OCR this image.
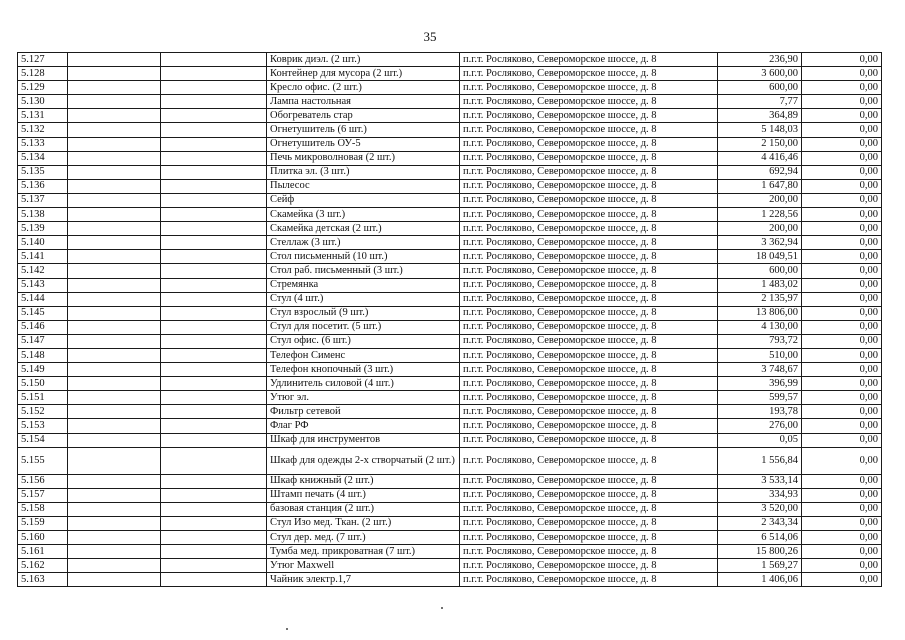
35
5.127			Коврик диэл. (2 шт.)	п.г.т. Росляково, Североморское шоссе, д. 8	236,90	0,00
5.128			Контейнер для мусора (2 шт.)	п.г.т. Росляково, Североморское шоссе, д. 8	3 600,00	0,00
5.129			Кресло офис. (2 шт.)	п.г.т. Росляково, Североморское шоссе, д. 8	600,00	0,00
5.130			Лампа настольная	п.г.т. Росляково, Североморское шоссе, д. 8	7,77	0,00
5.131			Обогреватель стар	п.г.т. Росляково, Североморское шоссе, д. 8	364,89	0,00
5.132			Огнетушитель (6 шт.)	п.г.т. Росляково, Североморское шоссе, д. 8	5 148,03	0,00
5.133			Огнетушитель ОУ-5	п.г.т. Росляково, Североморское шоссе, д. 8	2 150,00	0,00
5.134			Печь микроволновая (2 шт.)	п.г.т. Росляково, Североморское шоссе, д. 8	4 416,46	0,00
5.135			Плитка эл. (3 шт.)	п.г.т. Росляково, Североморское шоссе, д. 8	692,94	0,00
5.136			Пылесос	п.г.т. Росляково, Североморское шоссе, д. 8	1 647,80	0,00
5.137			Сейф	п.г.т. Росляково, Североморское шоссе, д. 8	200,00	0,00
5.138			Скамейка (3 шт.)	п.г.т. Росляково, Североморское шоссе, д. 8	1 228,56	0,00
5.139			Скамейка детская (2 шт.)	п.г.т. Росляково, Североморское шоссе, д. 8	200,00	0,00
5.140			Стеллаж (3 шт.)	п.г.т. Росляково, Североморское шоссе, д. 8	3 362,94	0,00
5.141			Стол письменный (10 шт.)	п.г.т. Росляково, Североморское шоссе, д. 8	18 049,51	0,00
5.142			Стол раб. письменный (3 шт.)	п.г.т. Росляково, Североморское шоссе, д. 8	600,00	0,00
5.143			Стремянка	п.г.т. Росляково, Североморское шоссе, д. 8	1 483,02	0,00
5.144			Стул (4 шт.)	п.г.т. Росляково, Североморское шоссе, д. 8	2 135,97	0,00
5.145			Стул взрослый (9 шт.)	п.г.т. Росляково, Североморское шоссе, д. 8	13 806,00	0,00
5.146			Стул для посетит. (5 шт.)	п.г.т. Росляково, Североморское шоссе, д. 8	4 130,00	0,00
5.147			Стул офис. (6 шт.)	п.г.т. Росляково, Североморское шоссе, д. 8	793,72	0,00
5.148			Телефон Сименс	п.г.т. Росляково, Североморское шоссе, д. 8	510,00	0,00
5.149			Телефон кнопочный (3 шт.)	п.г.т. Росляково, Североморское шоссе, д. 8	3 748,67	0,00
5.150			Удлинитель силовой (4 шт.)	п.г.т. Росляково, Североморское шоссе, д. 8	396,99	0,00
5.151			Утюг эл.	п.г.т. Росляково, Североморское шоссе, д. 8	599,57	0,00
5.152			Фильтр сетевой	п.г.т. Росляково, Североморское шоссе, д. 8	193,78	0,00
5.153			Флаг РФ	п.г.т. Росляково, Североморское шоссе, д. 8	276,00	0,00
5.154			Шкаф для инструментов	п.г.т. Росляково, Североморское шоссе, д. 8	0,05	0,00
5.155			Шкаф для одежды 2-х створчатый (2 шт.)	п.г.т. Росляково, Североморское шоссе, д. 8	1 556,84	0,00
5.156			Шкаф книжный (2 шт.)	п.г.т. Росляково, Североморское шоссе, д. 8	3 533,14	0,00
5.157			Штамп печать (4 шт.)	п.г.т. Росляково, Североморское шоссе, д. 8	334,93	0,00
5.158			базовая станция (2 шт.)	п.г.т. Росляково, Североморское шоссе, д. 8	3 520,00	0,00
5.159			Стул Изо мед. Ткан. (2 шт.)	п.г.т. Росляково, Североморское шоссе, д. 8	2 343,34	0,00
5.160			Стул дер. мед. (7 шт.)	п.г.т. Росляково, Североморское шоссе, д. 8	6 514,06	0,00
5.161			Тумба мед. прикроватная (7 шт.)	п.г.т. Росляково, Североморское шоссе, д. 8	15 800,26	0,00
5.162			Утюг Maxwell	п.г.т. Росляково, Североморское шоссе, д. 8	1 569,27	0,00
5.163			Чайник электр.1,7	п.г.т. Росляково, Североморское шоссе, д. 8	1 406,06	0,00
